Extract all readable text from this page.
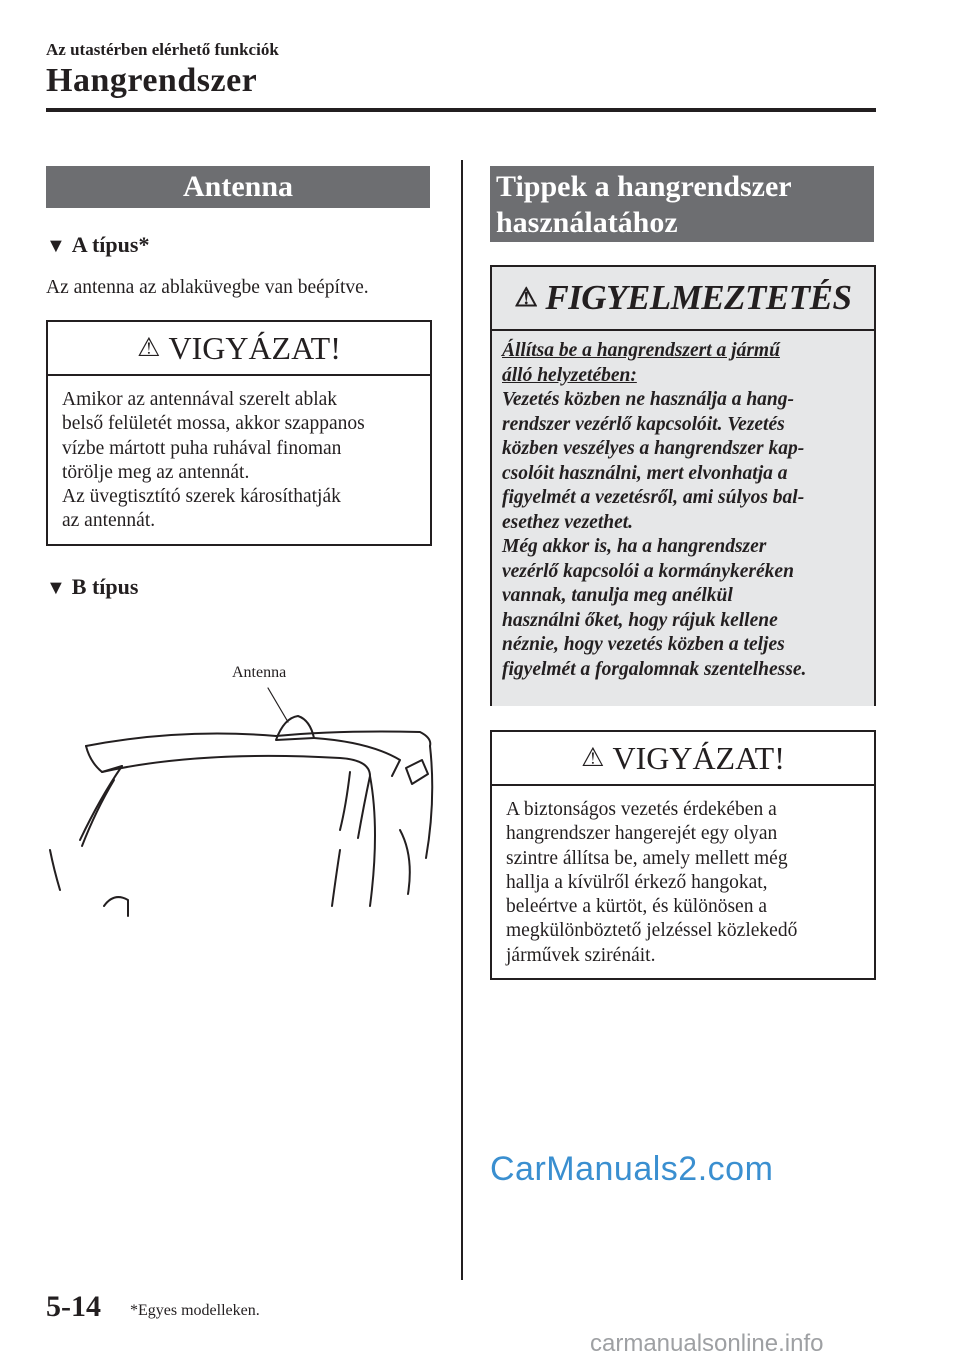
Az utastérben elérhető funkciók
Hangrendszer
Antenna
▼ A típus*
Az antenna az ablaküvegbe van beépítve.
⚠ VIGYÁZAT!
Amikor az antennával szerelt ablak
belső felületét mossa, akkor szappanos
vízbe mártott puha ruhával finoman
törölje meg az antennát.
Az üvegtisztító szerek károsíthatják
az antennát.
▼ B típus
Antenna
Tippek a hangrendszer
használatához
⚠ FIGYELMEZTETÉS
Állítsa be a hangrendszert a jármű
álló helyzetében:
Vezetés közben ne használja a hang-
rendszer vezérlő kapcsolóit. Vezetés
közben veszélyes a hangrendszer kap-
csolóit használni, mert elvonhatja a
figyelmét a vezetésről, ami súlyos bal-
esethez vezethet.
Még akkor is, ha a hangrendszer
vezérlő kapcsolói a kormánykeréken
vannak, tanulja meg anélkül
használni őket, hogy rájuk kellene
néznie, hogy vezetés közben a teljes
figyelmét a forgalomnak szentelhesse.
⚠ VIGYÁZAT!
A biztonságos vezetés érdekében a
hangrendszer hangerejét egy olyan
szintre állítsa be, amely mellett még
hallja a kívülről érkező hangokat,
beleértve a kürtöt, és különösen a
megkülönböztető jelzéssel közlekedő
járművek szirénáit.
CarManuals2.com
5-14 *Egyes modelleken.
carmanualsonline.info
